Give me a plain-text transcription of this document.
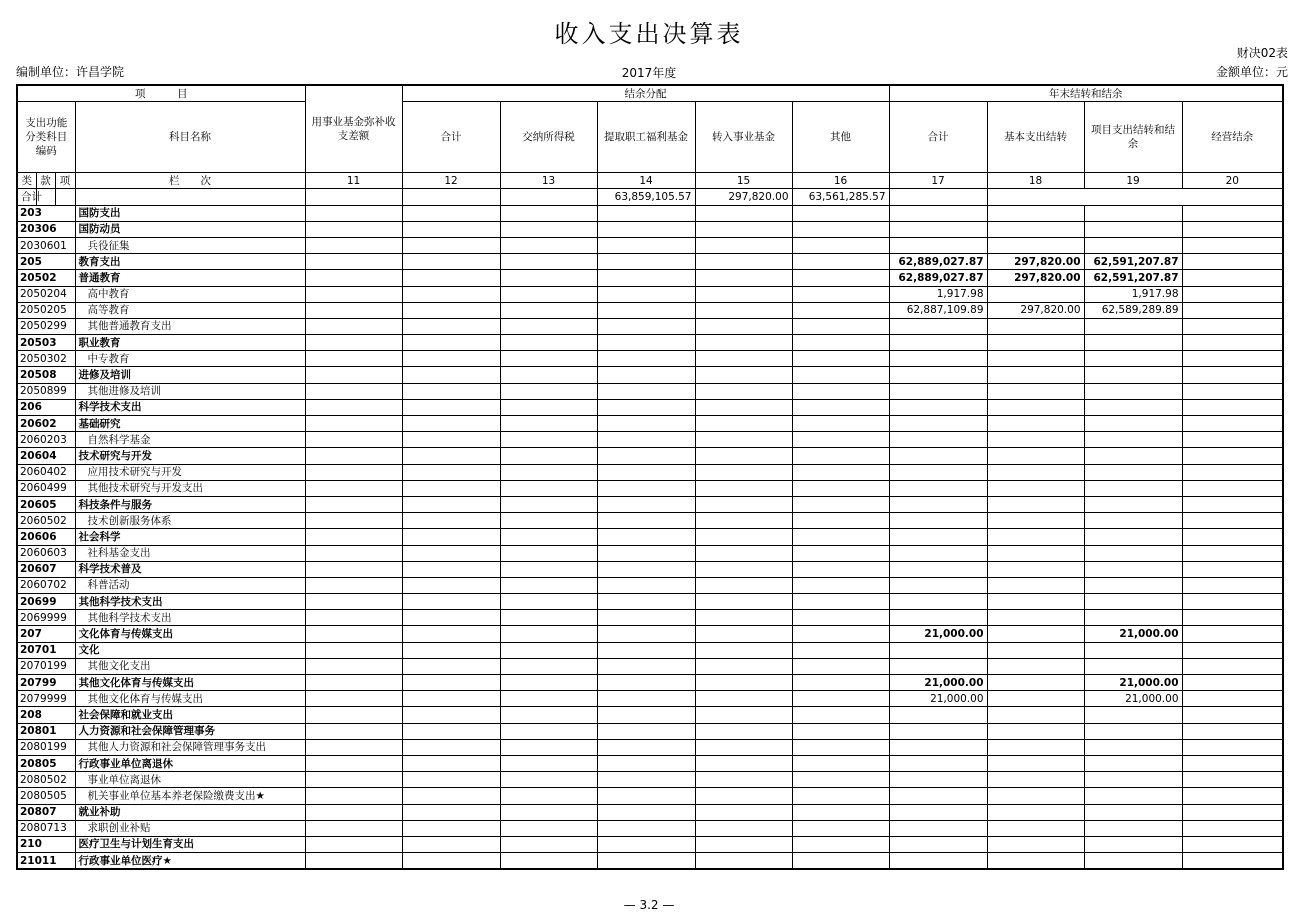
收入支出决算表
财决02表
编制单位：许昌学院	2017年度	金额单位：元
项　　　目				用事业基金弥补收支差额	结余分配					年末结转和结余			
支出功能分类科目编码			科目名称		合计	交纳所得税	提取职工福利基金	转入事业基金	其他	合计	基本支出结转	项目支出结转和结余	经营结余
类	款	项	栏　　次	11	12	13	14	15	16	17	18	19	20
合计							63,859,105.57	297,820.00	63,561,285.57				
203			国防支出										
20306			国防动员										
2030601			兵役征集										
205			教育支出							62,889,027.87	297,820.00	62,591,207.87	
20502			普通教育							62,889,027.87	297,820.00	62,591,207.87	
2050204			高中教育							1,917.98		1,917.98	
2050205			高等教育							62,887,109.89	297,820.00	62,589,289.89	
2050299			其他普通教育支出										
20503			职业教育										
2050302			中专教育										
20508			进修及培训										
2050899			其他进修及培训										
206			科学技术支出										
20602			基础研究										
2060203			自然科学基金										
20604			技术研究与开发										
2060402			应用技术研究与开发										
2060499			其他技术研究与开发支出										
20605			科技条件与服务										
2060502			技术创新服务体系										
20606			社会科学										
2060603			社科基金支出										
20607			科学技术普及										
2060702			科普活动										
20699			其他科学技术支出										
2069999			其他科学技术支出										
207			文化体育与传媒支出							21,000.00		21,000.00	
20701			文化										
2070199			其他文化支出										
20799			其他文化体育与传媒支出							21,000.00		21,000.00	
2079999			其他文化体育与传媒支出							21,000.00		21,000.00	
208			社会保障和就业支出										
20801			人力资源和社会保障管理事务										
2080199			其他人力资源和社会保障管理事务支出										
20805			行政事业单位离退休										
2080502			事业单位离退休										
2080505			机关事业单位基本养老保险缴费支出★										
20807			就业补助										
2080713			求职创业补贴										
210			医疗卫生与计划生育支出										
21011			行政事业单位医疗★										
— 3.2 —
